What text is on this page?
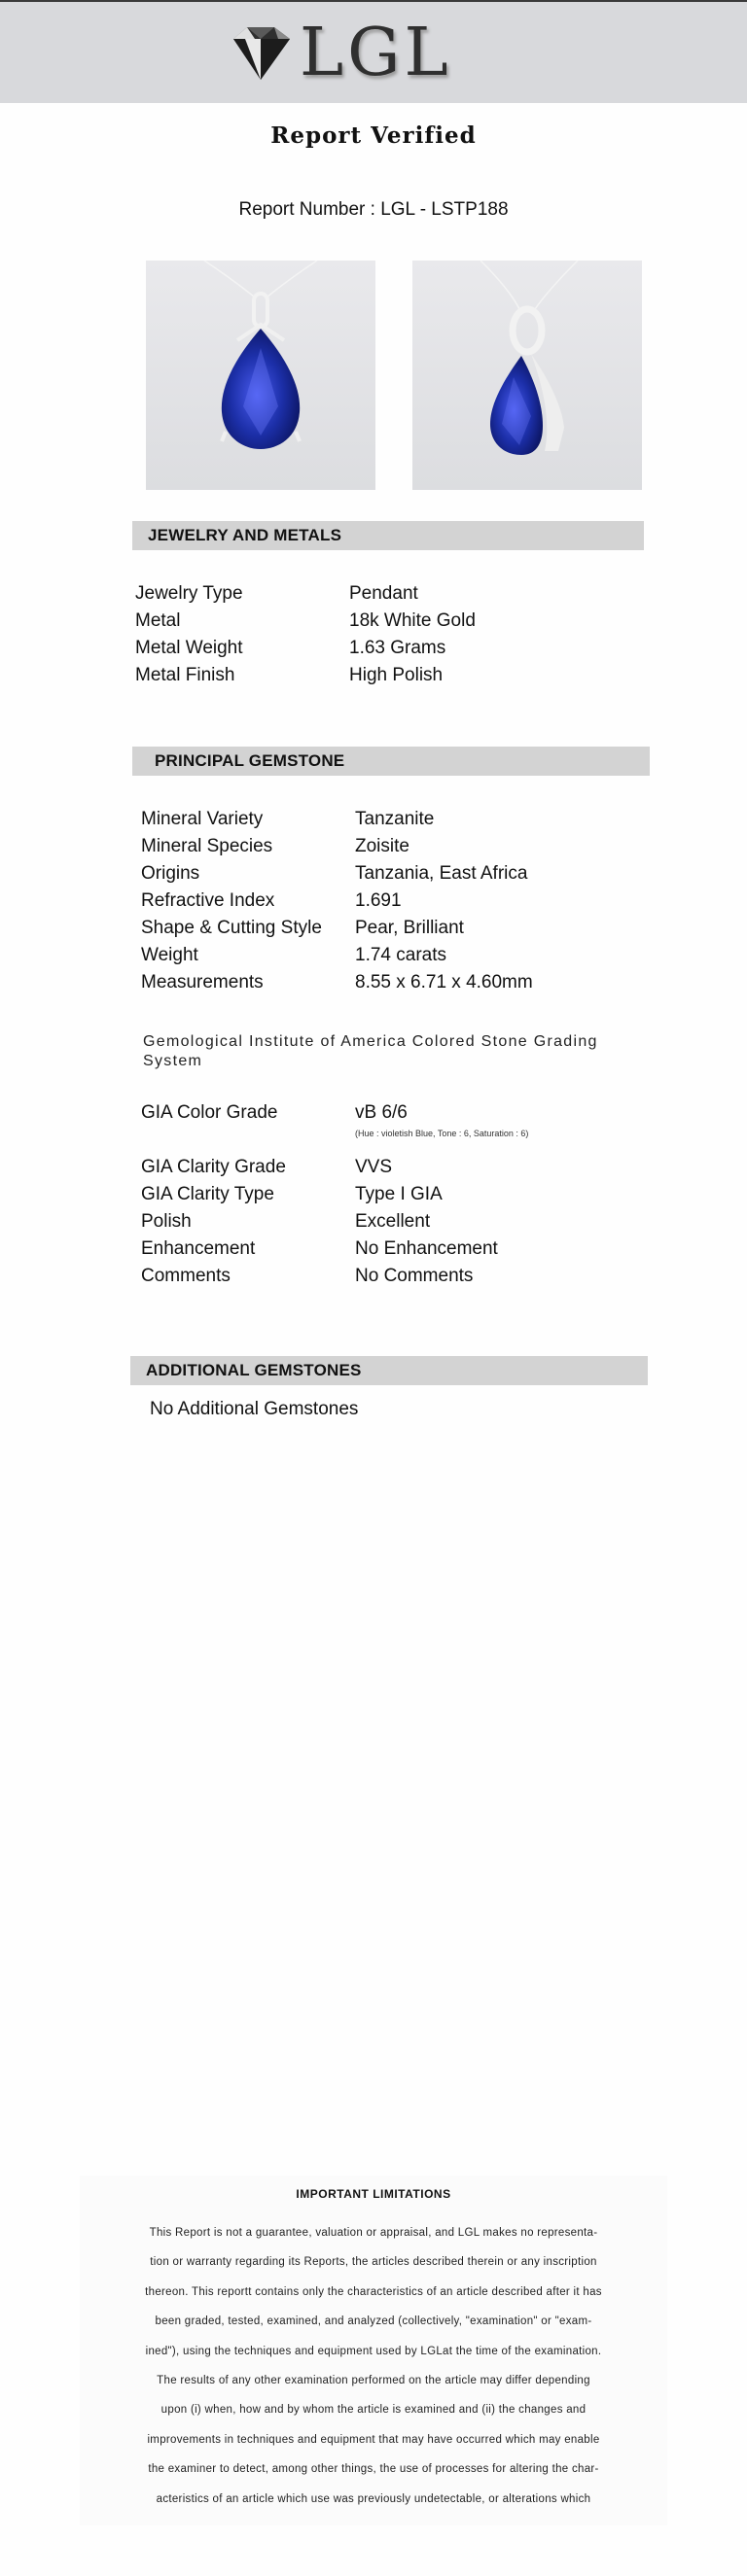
LGL
Report Verified
Report Number : LGL - LSTP188
JEWELRY AND METALS
Jewelry Type	Pendant
Metal	18k White Gold
Metal Weight	1.63 Grams
Metal Finish	High Polish
PRINCIPAL GEMSTONE
Mineral Variety	Tanzanite
Mineral Species	Zoisite
Origins	Tanzania, East Africa
Refractive Index	1.691
Shape & Cutting Style	Pear, Brilliant
Weight	1.74 carats
Measurements	8.55 x 6.71 x 4.60mm
Gemological Institute of America Colored Stone Grading System
GIA Color Grade	vB 6/6
(Hue : violetish Blue, Tone : 6, Saturation : 6)
GIA Clarity Grade	VVS
GIA Clarity Type	Type I GIA
Polish	Excellent
Enhancement	No Enhancement
Comments	No Comments
ADDITIONAL GEMSTONES
No Additional Gemstones
IMPORTANT LIMITATIONS
This Report is not a guarantee, valuation or appraisal, and LGL makes no representa-
tion or warranty regarding its Reports, the articles described therein or any inscription
thereon. This reportt contains only the characteristics of an article described after it has
been graded, tested, examined, and analyzed (collectively, "examination" or "exam-
ined"), using the techniques and equipment used by LGLat the time of the examination.
The results of any other examination performed on the article may differ depending
upon (i) when, how and by whom the article is examined and (ii) the changes and
improvements in techniques and equipment that may have occurred which may enable
the examiner to detect, among other things, the use of processes for altering the char-
acteristics of an article which use was previously undetectable, or alterations which
